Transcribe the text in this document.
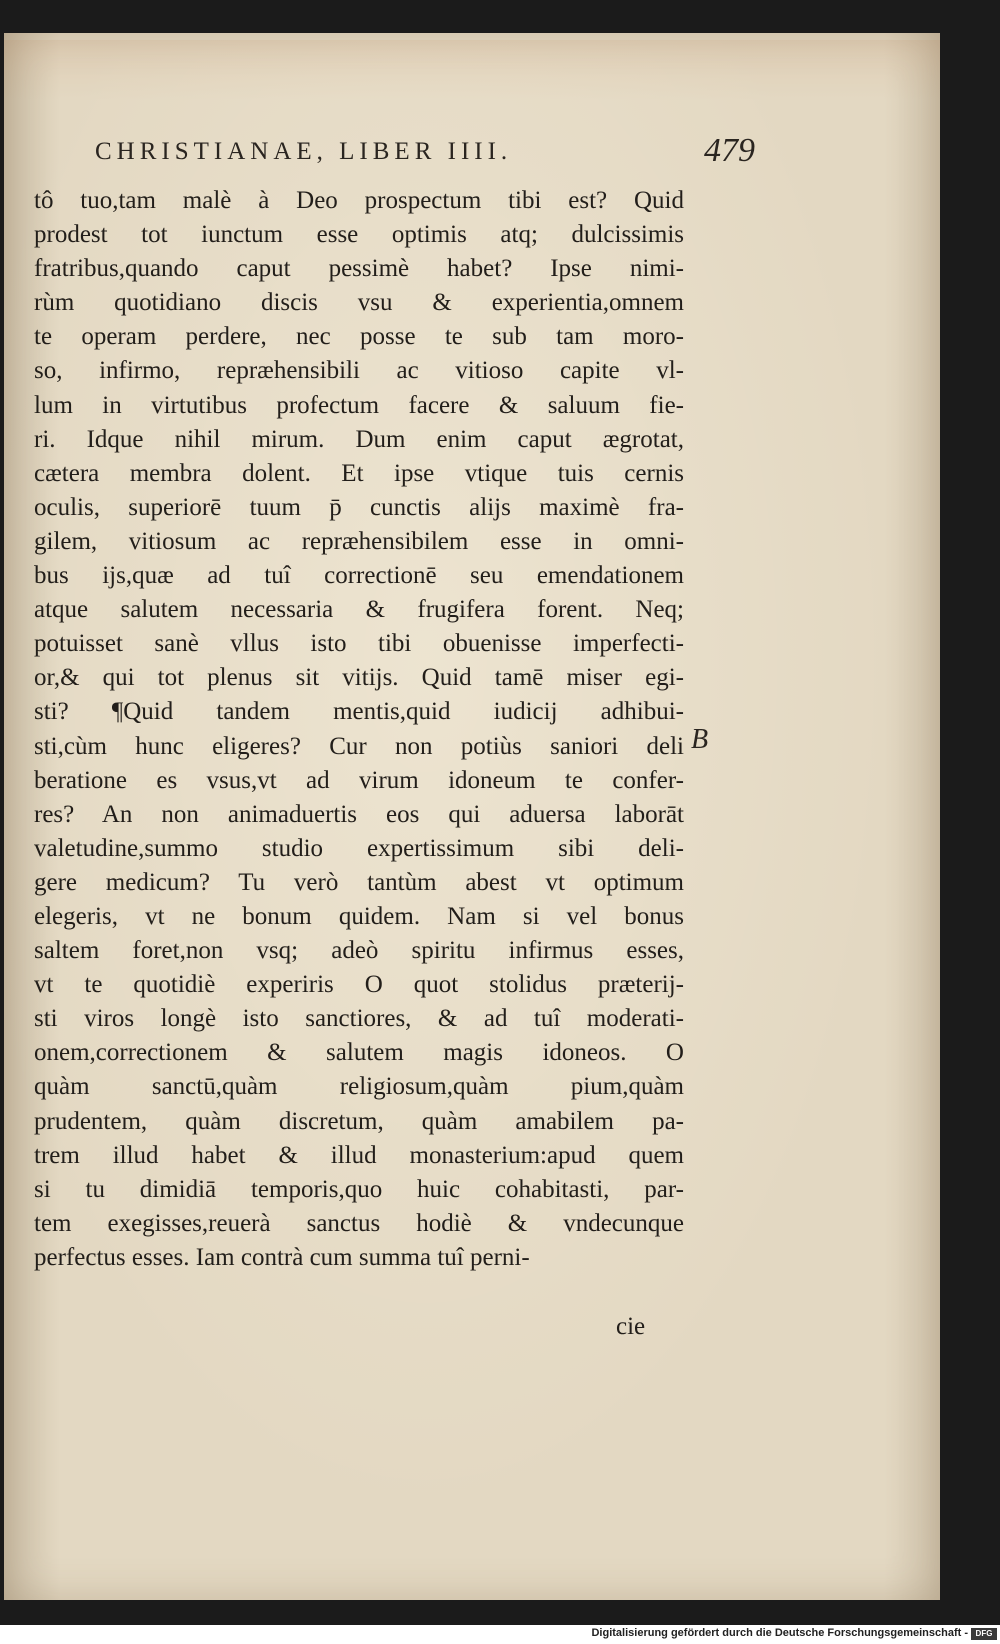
CHRISTIANAE, LIBER IIII.	479
tô tuo,tam malè à Deo prospectum tibi est? Quid
prodest tot iunctum esse optimis atq; dulcissimis
fratribus,quando caput pessimè habet? Ipse nimi-
rùm quotidiano discis vsu & experientia,omnem
te operam perdere, nec posse te sub tam moro-
so, infirmo, repræhensibili ac vitioso capite vl-
lum in virtutibus profectum facere & saluum fie-
ri. Idque nihil mirum. Dum enim caput ægrotat,
cætera membra dolent. Et ipse vtique tuis cernis
oculis, superiorē tuum p̄ cunctis alijs maximè fra-
gilem, vitiosum ac repræhensibilem esse in omni-
bus ijs,quæ ad tuî correctionē seu emendationem
atque salutem necessaria & frugifera forent. Neq;
potuisset sanè vllus isto tibi obuenisse imperfecti-
or,& qui tot plenus sit vitijs. Quid tamē miser egi-
sti? ¶Quid tandem mentis,quid iudicij adhibui-
sti,cùm hunc eligeres? Cur non potiùs saniori deli
beratione es vsus,vt ad virum idoneum te confer-
res? An non animaduertis eos qui aduersa laborāt
valetudine,summo studio expertissimum sibi deli-
gere medicum? Tu verò tantùm abest vt optimum
elegeris, vt ne bonum quidem. Nam si vel bonus
saltem foret,non vsq; adeò spiritu infirmus esses,
vt te quotidiè experiris O quot stolidus præterij-
sti viros longè isto sanctiores, & ad tuî moderati-
onem,correctionem & salutem magis idoneos. O
quàm sanctū,quàm religiosum,quàm pium,quàm
prudentem, quàm discretum, quàm amabilem pa-
trem illud habet & illud monasterium:apud quem
si tu dimidiā temporis,quo huic cohabitasti, par-
tem exegisses,reuerà sanctus hodiè & vndecunque
perfectus esses. Iam contrà cum summa tuî perni-
B
cie
Digitalisierung gefördert durch die Deutsche Forschungsgemeinschaft - DFG
